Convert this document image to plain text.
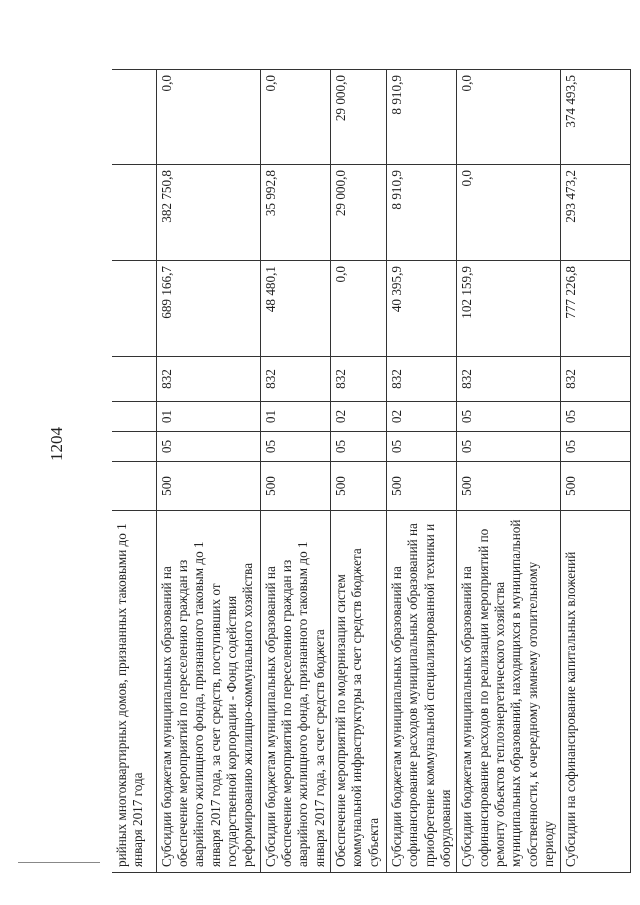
1204
рийных многоквартирных домов, признанных таковыми до 1 января 2017 года							
Субсидии бюджетам муниципальных образований на обеспечение мероприятий по переселению граждан из аварийного жилищного фонда, признанного таковым до 1 января 2017 года, за счет средств, поступивших от государственной корпорации - Фонд содействия реформированию жилищно-коммунального хозяйства	500	05	01	832	689 166,7	382 750,8	0,0
Субсидии бюджетам муниципальных образований на обеспечение мероприятий по переселению граждан из аварийного жилищного фонда, признанного таковым до 1 января 2017 года, за счет средств бюджета	500	05	01	832	48 480,1	35 992,8	0,0
Обеспечение мероприятий по модернизации систем коммунальной инфраструктуры за счет средств бюджета субъекта	500	05	02	832	0,0	29 000,0	29 000,0
Субсидии бюджетам муниципальных образований на софинансирование расходов муниципальных образований на приобретение коммунальной специализированной техники и оборудования	500	05	02	832	40 395,9	8 910,9	8 910,9
Субсидии бюджетам муниципальных образований на софинансирование расходов по реализации мероприятий по ремонту объектов теплоэнергетического хозяйства муниципальных образований, находящихся в муниципальной собственности, к очередному зимнему отопительному периоду	500	05	05	832	102 159,9	0,0	0,0
Субсидии на софинансирование капитальных вложений	500	05	05	832	777 226,8	293 473,2	374 493,5
